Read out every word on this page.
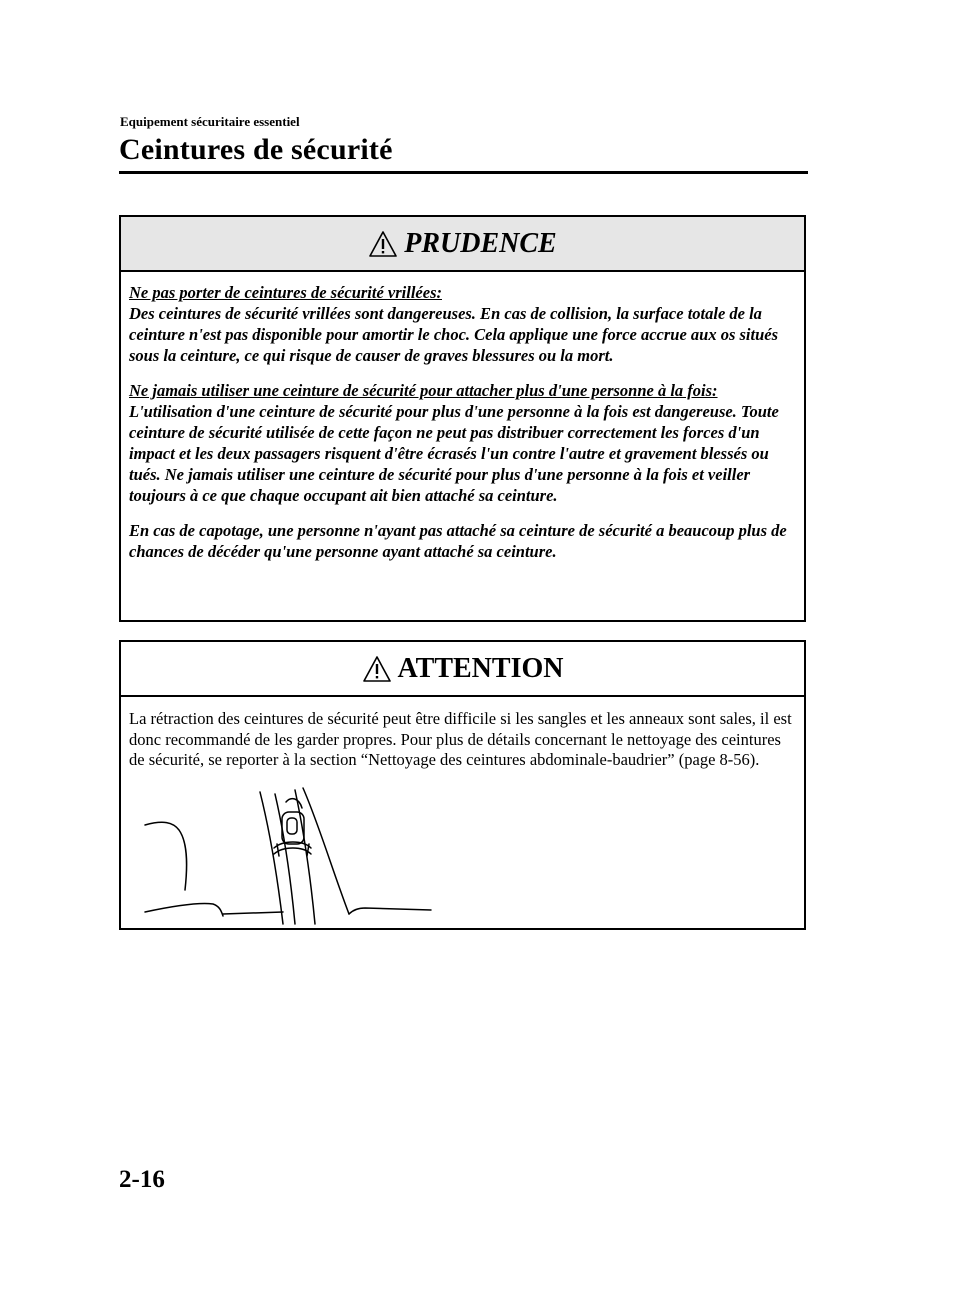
Equipement sécuritaire essentiel
Ceintures de sécurité
PRUDENCE

Ne pas porter de ceintures de sécurité vrillées:
Des ceintures de sécurité vrillées sont dangereuses. En cas de collision, la surface totale de la ceinture n'est pas disponible pour amortir le choc. Cela applique une force accrue aux os situés sous la ceinture, ce qui risque de causer de graves blessures ou la mort.

Ne jamais utiliser une ceinture de sécurité pour attacher plus d'une personne à la fois:
L'utilisation d'une ceinture de sécurité pour plus d'une personne à la fois est dangereuse. Toute ceinture de sécurité utilisée de cette façon ne peut pas distribuer correctement les forces d'un impact et les deux passagers risquent d'être écrasés l'un contre l'autre et gravement blessés ou tués. Ne jamais utiliser une ceinture de sécurité pour plus d'une personne à la fois et veiller toujours à ce que chaque occupant ait bien attaché sa ceinture.

En cas de capotage, une personne n'ayant pas attaché sa ceinture de sécurité a beaucoup plus de chances de décéder qu'une personne ayant attaché sa ceinture.

ATTENTION

La rétraction des ceintures de sécurité peut être difficile si les sangles et les anneaux sont sales, il est donc recommandé de les garder propres. Pour plus de détails concernant le nettoyage des ceintures de sécurité, se reporter à la section “Nettoyage des ceintures abdominale-baudrier” (page 8-56).

2-16
